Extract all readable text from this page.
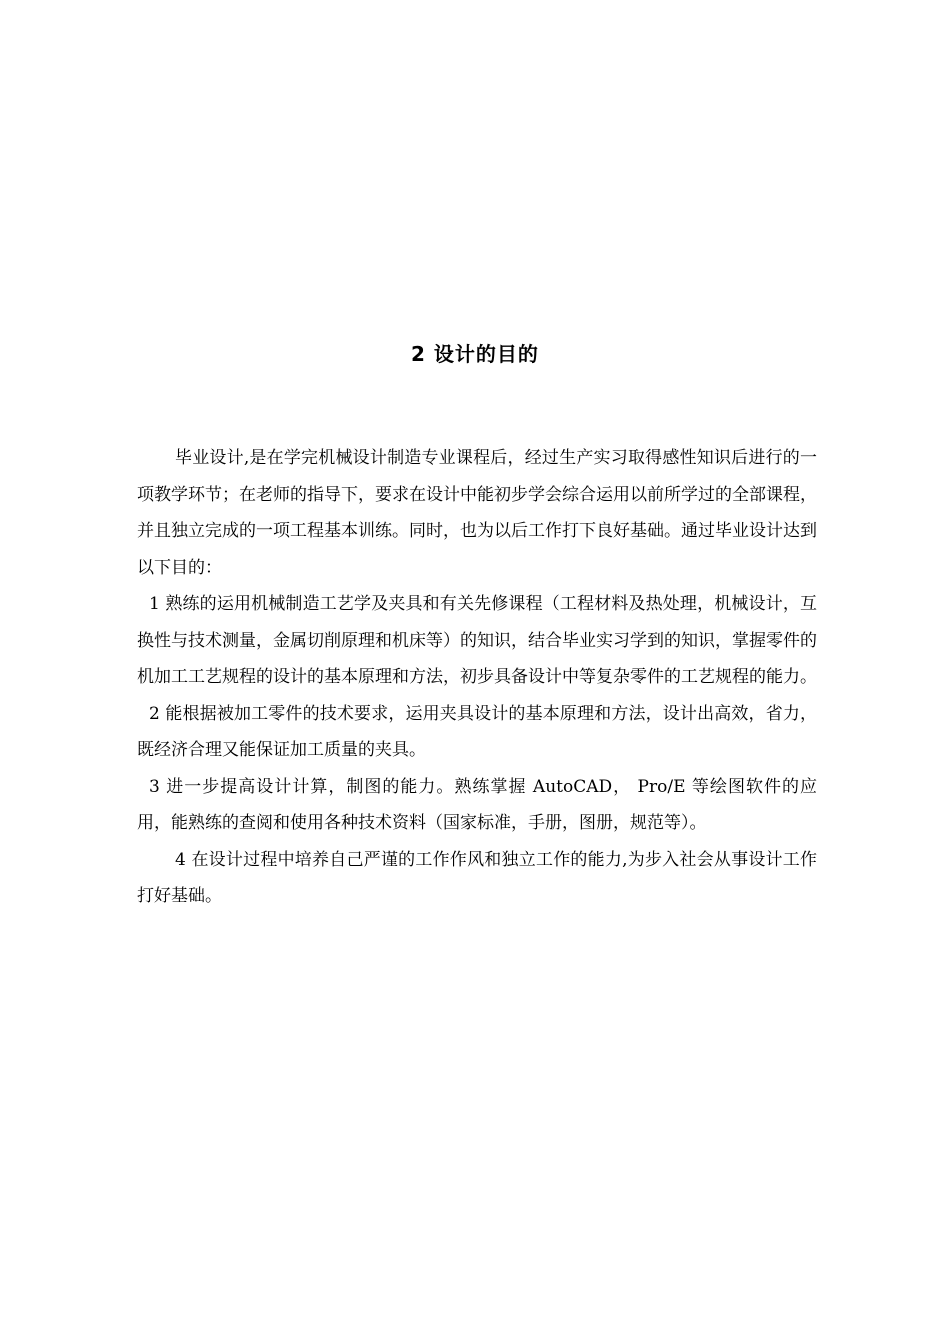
2 设计的目的

毕业设计,是在学完机械设计制造专业课程后，经过生产实习取得感性知识后进行的一项教学环节；在老师的指导下，要求在设计中能初步学会综合运用以前所学过的全部课程，并且独立完成的一项工程基本训练。同时，也为以后工作打下良好基础。通过毕业设计达到以下目的：

1 熟练的运用机械制造工艺学及夹具和有关先修课程（工程材料及热处理，机械设计，互换性与技术测量，金属切削原理和机床等）的知识，结合毕业实习学到的知识，掌握零件的机加工工艺规程的设计的基本原理和方法，初步具备设计中等复杂零件的工艺规程的能力。

2 能根据被加工零件的技术要求，运用夹具设计的基本原理和方法，设计出高效，省力，既经济合理又能保证加工质量的夹具。

3 进一步提高设计计算，制图的能力。熟练掌握 AutoCAD， Pro/E 等绘图软件的应用，能熟练的查阅和使用各种技术资料（国家标准，手册，图册，规范等）。

4 在设计过程中培养自己严谨的工作作风和独立工作的能力,为步入社会从事设计工作打好基础。
